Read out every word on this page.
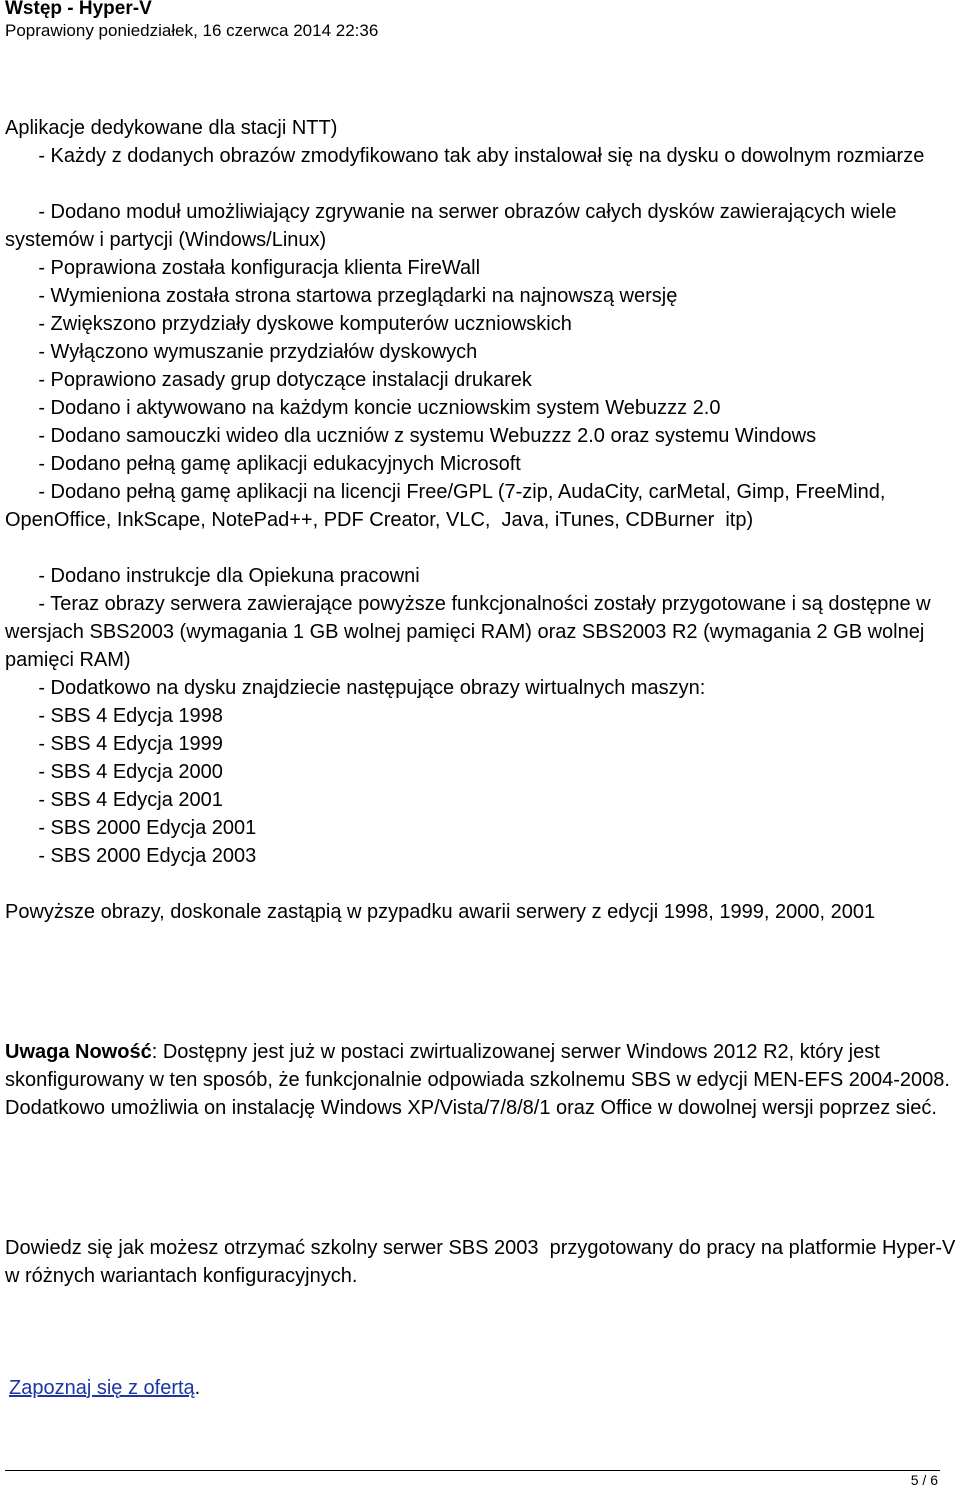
Wstęp - Hyper-V
Poprawiony poniedziałek, 16 czerwca 2014 22:36
Aplikacje dedykowane dla stacji NTT)
- Każdy z dodanych obrazów zmodyfikowano tak aby instalował się na dysku o dowolnym rozmiarze
- Dodano moduł umożliwiający zgrywanie na serwer obrazów całych dysków zawierających wiele systemów i partycji (Windows/Linux)
- Poprawiona została konfiguracja klienta FireWall
- Wymieniona została strona startowa przeglądarki na najnowszą wersję
- Zwiększono przydziały dyskowe komputerów uczniowskich
- Wyłączono wymuszanie przydziałów dyskowych
- Poprawiono zasady grup dotyczące instalacji drukarek
- Dodano i aktywowano na każdym koncie uczniowskim system Webuzzz 2.0
- Dodano samouczki wideo dla uczniów z systemu Webuzzz 2.0 oraz systemu Windows
- Dodano pełną gamę aplikacji edukacyjnych Microsoft
- Dodano pełną gamę aplikacji na licencji Free/GPL (7-zip, AudaCity, carMetal, Gimp, FreeMind, OpenOffice, InkScape, NotePad++, PDF Creator, VLC,  Java, iTunes, CDBurner  itp)
- Dodano instrukcje dla Opiekuna pracowni
- Teraz obrazy serwera zawierające powyższe funkcjonalności zostały przygotowane i są dostępne w wersjach SBS2003 (wymagania 1 GB wolnej pamięci RAM) oraz SBS2003 R2 (wymagania 2 GB wolnej pamięci RAM)
- Dodatkowo na dysku znajdziecie następujące obrazy wirtualnych maszyn:
- SBS 4 Edycja 1998
- SBS 4 Edycja 1999
- SBS 4 Edycja 2000
- SBS 4 Edycja 2001
- SBS 2000 Edycja 2001
- SBS 2000 Edycja 2003
Powyższe obrazy, doskonale zastąpią w pzypadku awarii serwery z edycji 1998, 1999, 2000, 2001
Uwaga Nowość: Dostępny jest już w postaci zwirtualizowanej serwer Windows 2012 R2, który jest skonfigurowany w ten sposób, że funkcjonalnie odpowiada szkolnemu SBS w edycji MEN-EFS 2004-2008. Dodatkowo umożliwia on instalację Windows XP/Vista/7/8/8/1 oraz Office w dowolnej wersji poprzez sieć.
Dowiedz się jak możesz otrzymać szkolny serwer SBS 2003  przygotowany do pracy na platformie Hyper-V w różnych wariantach konfiguracyjnych.
Zapoznaj się z ofertą.
5 / 6
